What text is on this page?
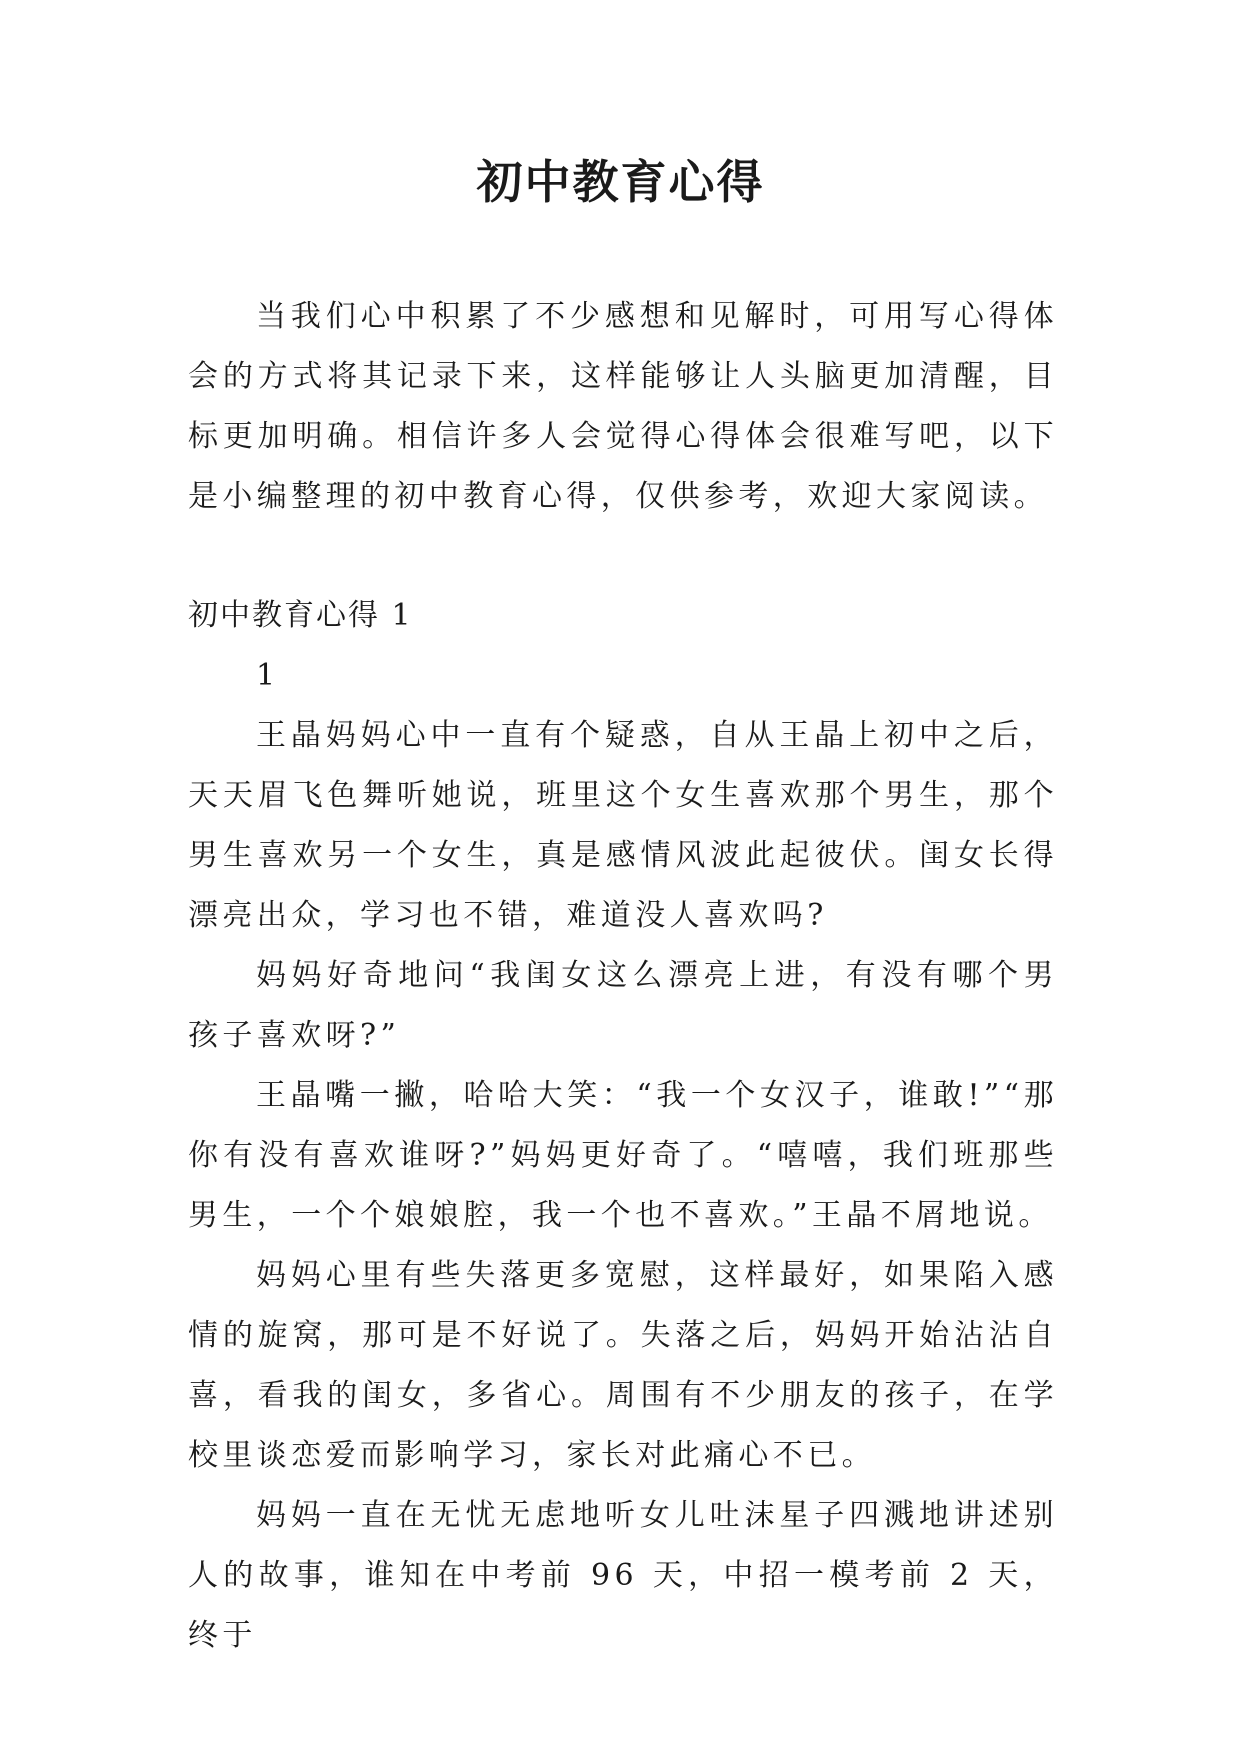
初中教育心得

当我们心中积累了不少感想和见解时，可用写心得体会的方式将其记录下来，这样能够让人头脑更加清醒，目标更加明确。相信许多人会觉得心得体会很难写吧，以下是小编整理的初中教育心得，仅供参考，欢迎大家阅读。

初中教育心得 1

1

王晶妈妈心中一直有个疑惑，自从王晶上初中之后，天天眉飞色舞听她说，班里这个女生喜欢那个男生，那个男生喜欢另一个女生，真是感情风波此起彼伏。闺女长得漂亮出众，学习也不错，难道没人喜欢吗?

妈妈好奇地问“我闺女这么漂亮上进，有没有哪个男孩子喜欢呀?”

王晶嘴一撇，哈哈大笑：“我一个女汉子，谁敢!”“那你有没有喜欢谁呀?”妈妈更好奇了。“嘻嘻，我们班那些男生，一个个娘娘腔，我一个也不喜欢。”王晶不屑地说。

妈妈心里有些失落更多宽慰，这样最好，如果陷入感情的旋窝，那可是不好说了。失落之后，妈妈开始沾沾自喜，看我的闺女，多省心。周围有不少朋友的孩子，在学校里谈恋爱而影响学习，家长对此痛心不已。

妈妈一直在无忧无虑地听女儿吐沫星子四溅地讲述别人的故事，谁知在中考前 96 天，中招一模考前 2 天，终于
